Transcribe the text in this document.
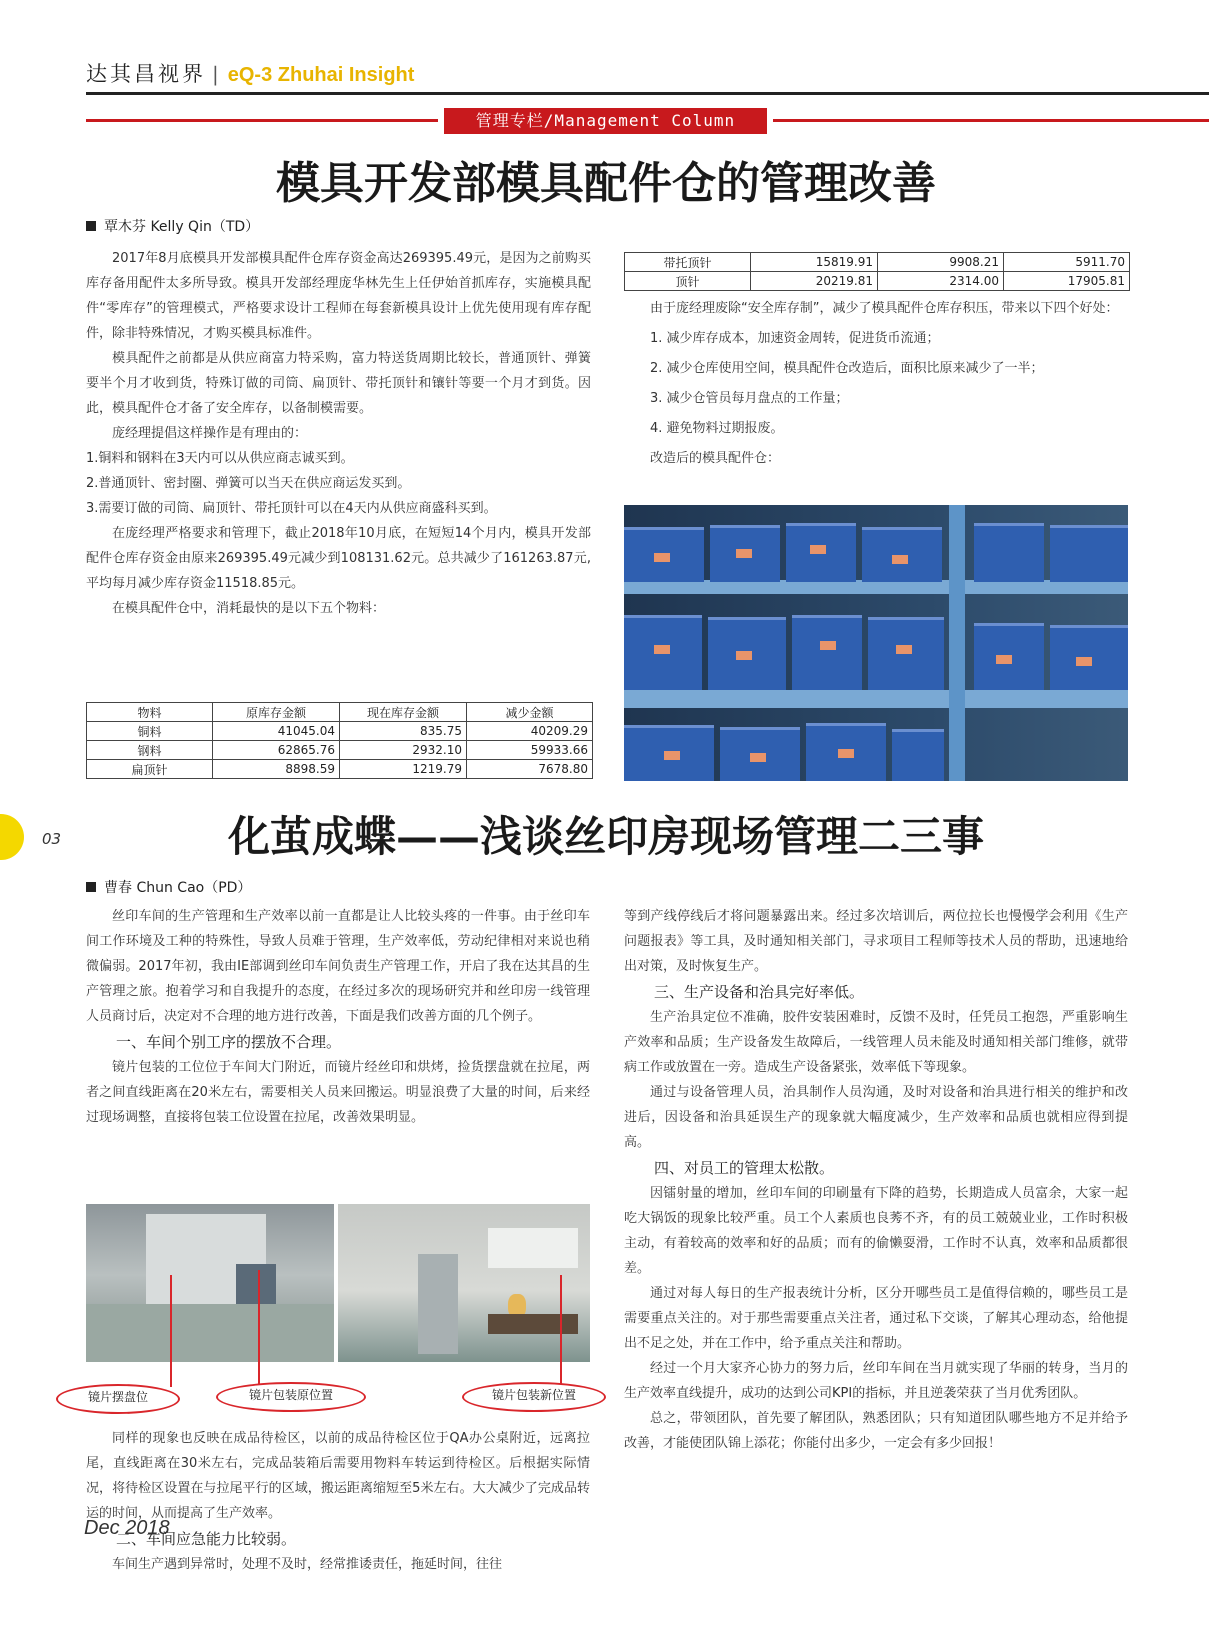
达其昌视界 | eQ-3 Zhuhai Insight
管理专栏/Management Column
模具开发部模具配件仓的管理改善
覃木芬 Kelly Qin（TD）

2017年8月底模具开发部模具配件仓库存资金高达269395.49元，是因为之前购买库存备用配件太多所导致。模具开发部经理庞华林先生上任伊始首抓库存，实施模具配件“零库存”的管理模式，严格要求设计工程师在每套新模具设计上优先使用现有库存配件，除非特殊情况，才购买模具标准件。

模具配件之前都是从供应商富力特采购，富力特送货周期比较长，普通顶针、弹簧要半个月才收到货，特殊订做的司筒、扁顶针、带托顶针和镶针等要一个月才到货。因此，模具配件仓才备了安全库存，以备制模需要。

庞经理提倡这样操作是有理由的：

1.铜料和钢料在3天内可以从供应商志诚买到。

2.普通顶针、密封圈、弹簧可以当天在供应商运发买到。

3.需要订做的司筒、扁顶针、带托顶针可以在4天内从供应商盛科买到。

在庞经理严格要求和管理下，截止2018年10月底，在短短14个月内，模具开发部配件仓库存资金由原来269395.49元减少到108131.62元。总共减少了161263.87元,平均每月减少库存资金11518.85元。

在模具配件仓中，消耗最快的是以下五个物料：

物料	原库存金额	现在库存金额	减少金额
铜料	41045.04	835.75	40209.29
钢料	62865.76	2932.10	59933.66
扁顶针	8898.59	1219.79	7678.80
带托顶针	15819.91	9908.21	5911.70
顶针	20219.81	2314.00	17905.81

由于庞经理废除“安全库存制”，减少了模具配件仓库存积压，带来以下四个好处：

1. 减少库存成本，加速资金周转，促进货币流通；

2. 减少仓库使用空间，模具配件仓改造后，面积比原来减少了一半；

3. 减少仓管员每月盘点的工作量；

4. 避免物料过期报废。

改造后的模具配件仓：

化茧成蝶——浅谈丝印房现场管理二三事
曹春 Chun Cao（PD）

丝印车间的生产管理和生产效率以前一直都是让人比较头疼的一件事。由于丝印车间工作环境及工种的特殊性，导致人员难于管理，生产效率低，劳动纪律相对来说也稍微偏弱。2017年初，我由IE部调到丝印车间负责生产管理工作，开启了我在达其昌的生产管理之旅。抱着学习和自我提升的态度，在经过多次的现场研究并和丝印房一线管理人员商讨后，决定对不合理的地方进行改善，下面是我们改善方面的几个例子。

一、车间个别工序的摆放不合理。

镜片包装的工位位于车间大门附近，而镜片经丝印和烘烤，捡货摆盘就在拉尾，两者之间直线距离在20米左右，需要相关人员来回搬运。明显浪费了大量的时间，后来经过现场调整，直接将包装工位设置在拉尾，改善效果明显。

镜片摆盘位	镜片包装原位置	镜片包装新位置

同样的现象也反映在成品待检区，以前的成品待检区位于QA办公桌附近，远离拉尾，直线距离在30米左右，完成品装箱后需要用物料车转运到待检区。后根据实际情况，将待检区设置在与拉尾平行的区域，搬运距离缩短至5米左右。大大减少了完成品转运的时间，从而提高了生产效率。

二、车间应急能力比较弱。

车间生产遇到异常时，处理不及时，经常推诿责任，拖延时间，往往

等到产线停线后才将问题暴露出来。经过多次培训后，两位拉长也慢慢学会利用《生产问题报表》等工具，及时通知相关部门，寻求项目工程师等技术人员的帮助，迅速地给出对策，及时恢复生产。

三、生产设备和治具完好率低。

生产治具定位不准确，胶件安装困难时，反馈不及时，任凭员工抱怨，严重影响生产效率和品质；生产设备发生故障后，一线管理人员未能及时通知相关部门维修，就带病工作或放置在一旁。造成生产设备紧张，效率低下等现象。

通过与设备管理人员，治具制作人员沟通，及时对设备和治具进行相关的维护和改进后，因设备和治具延误生产的现象就大幅度减少，生产效率和品质也就相应得到提高。

四、对员工的管理太松散。

因镭射量的增加，丝印车间的印刷量有下降的趋势，长期造成人员富余，大家一起吃大锅饭的现象比较严重。员工个人素质也良莠不齐，有的员工兢兢业业，工作时积极主动，有着较高的效率和好的品质；而有的偷懒耍滑，工作时不认真，效率和品质都很差。

通过对每人每日的生产报表统计分析，区分开哪些员工是值得信赖的，哪些员工是需要重点关注的。对于那些需要重点关注者，通过私下交谈，了解其心理动态，给他提出不足之处，并在工作中，给予重点关注和帮助。

经过一个月大家齐心协力的努力后，丝印车间在当月就实现了华丽的转身，当月的生产效率直线提升，成功的达到公司KPI的指标，并且逆袭荣获了当月优秀团队。

总之，带领团队，首先要了解团队，熟悉团队；只有知道团队哪些地方不足并给予改善，才能使团队锦上添花；你能付出多少，一定会有多少回报！

03
Dec 2018
